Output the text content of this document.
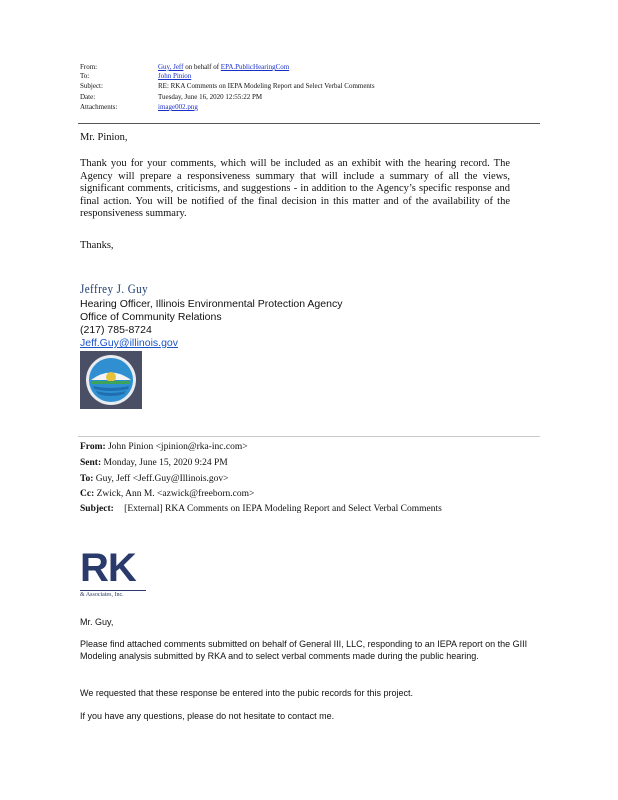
From:	Guy, Jeff on behalf of EPA.PublicHearingCom
To:	John Pinion
Subject:	RE: RKA Comments on IEPA Modeling Report and Select Verbal Comments
Date:	Tuesday, June 16, 2020 12:55:22 PM
Attachments:	image002.png
Mr. Pinion,

Thank you for your comments, which will be included as an exhibit with the hearing record. The Agency will prepare a responsiveness summary that will include a summary of all the views, significant comments, criticisms, and suggestions - in addition to the Agency’s specific response and final action. You will be notified of the final decision in this matter and of the availability of the responsiveness summary.

Thanks,
Jeffrey J. Guy
Hearing Officer, Illinois Environmental Protection Agency
Office of Community Relations
(217) 785-8724
Jeff.Guy@illinois.gov
From: John Pinion <jpinion@rka-inc.com>
Sent: Monday, June 15, 2020 9:24 PM
To: Guy, Jeff <Jeff.Guy@Illinois.gov>
Cc: Zwick, Ann M. <azwick@freeborn.com>
Subject: [External] RKA Comments on IEPA Modeling Report and Select Verbal Comments
RK
& Associates, Inc.
Mr. Guy,
Please find attached comments submitted on behalf of General III, LLC, responding to an IEPA report on the GIII Modeling analysis submitted by RKA and to select verbal comments made during the public hearing.
We requested that these response be entered into the pubic records for this project.
If you have any questions, please do not hesitate to contact me.
